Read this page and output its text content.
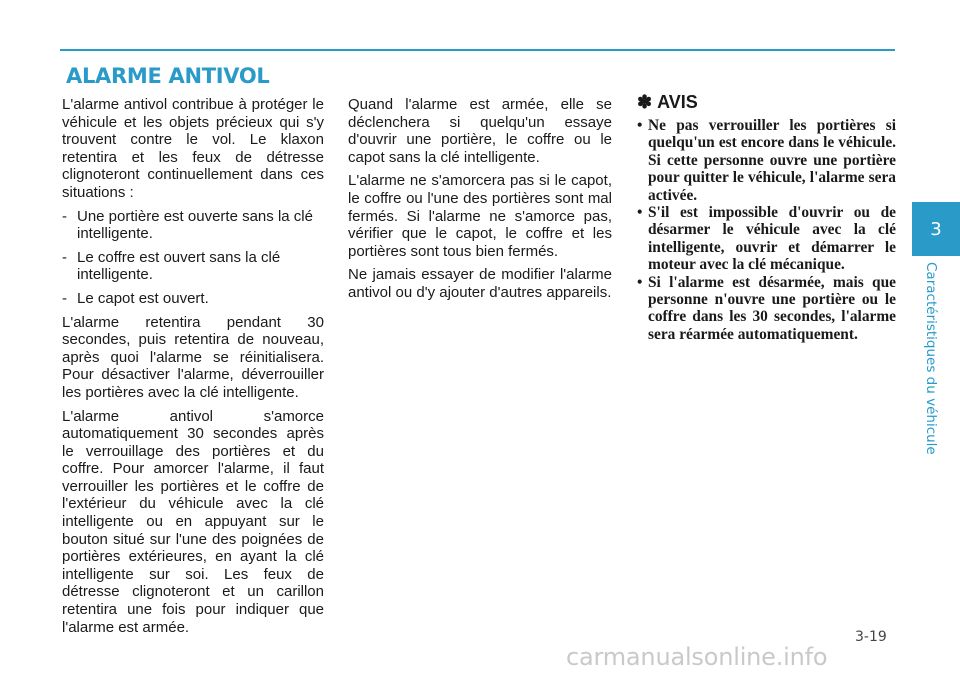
ALARME ANTIVOL

L'alarme antivol contribue à protéger le véhicule et les objets précieux qui s'y trouvent contre le vol. Le klaxon retentira et les feux de détresse clignoteront continuellement dans ces situations :

- Une portière est ouverte sans la clé intelligente.
- Le coffre est ouvert sans la clé intelligente.
- Le capot est ouvert.

L'alarme retentira pendant 30 secondes, puis retentira de nouveau, après quoi l'alarme se réinitialisera. Pour désactiver l'alarme, déverrouiller les portières avec la clé intelligente.

L'alarme antivol s'amorce automatiquement 30 secondes après le verrouillage des portières et du coffre. Pour amorcer l'alarme, il faut verrouiller les portières et le coffre de l'extérieur du véhicule avec la clé intelligente ou en appuyant sur le bouton situé sur l'une des poignées de portières extérieures, en ayant la clé intelligente sur soi. Les feux de détresse clignoteront et un carillon retentira une fois pour indiquer que l'alarme est armée.

Quand l'alarme est armée, elle se déclenchera si quelqu'un essaye d'ouvrir une portière, le coffre ou le capot sans la clé intelligente.

L'alarme ne s'amorcera pas si le capot, le coffre ou l'une des portières sont mal fermés. Si l'alarme ne s'amorce pas, vérifier que le capot, le coffre et les portières sont tous bien fermés.

Ne jamais essayer de modifier l'alarme antivol ou d'y ajouter d'autres appareils.

✽ AVIS
• Ne pas verrouiller les portières si quelqu'un est encore dans le véhicule. Si cette personne ouvre une portière pour quitter le véhicule, l'alarme sera activée.
• S'il est impossible d'ouvrir ou de désarmer le véhicule avec la clé intelligente, ouvrir et démarrer le moteur avec la clé mécanique.
• Si l'alarme est désarmée, mais que personne n'ouvre une portière ou le coffre dans les 30 secondes, l'alarme sera réarmée automatiquement.
3
Caractéristiques du véhicule
3-19
carmanualsonline.info
